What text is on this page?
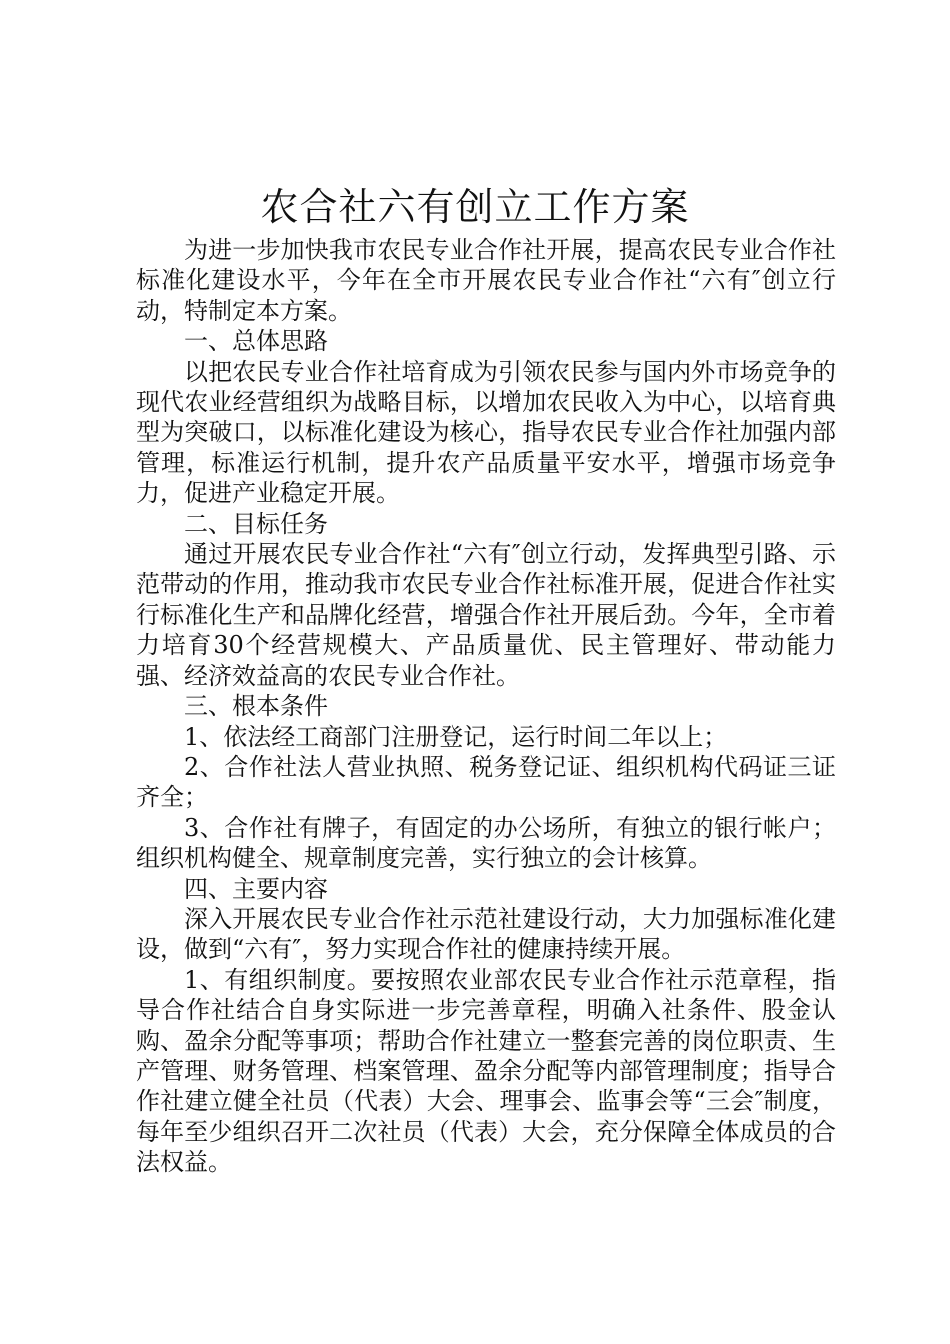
农合社六有创立工作方案

为进一步加快我市农民专业合作社开展，提高农民专业合作社标准化建设水平，今年在全市开展农民专业合作社“六有″创立行动，特制定本方案。

一、总体思路

以把农民专业合作社培育成为引领农民参与国内外市场竞争的现代农业经营组织为战略目标，以增加农民收入为中心，以培育典型为突破口，以标准化建设为核心，指导农民专业合作社加强内部管理，标准运行机制，提升农产品质量平安水平，增强市场竞争力，促进产业稳定开展。

二、目标任务

通过开展农民专业合作社“六有″创立行动，发挥典型引路、示范带动的作用，推动我市农民专业合作社标准开展，促进合作社实行标准化生产和品牌化经营，增强合作社开展后劲。今年，全市着力培育30个经营规模大、产品质量优、民主管理好、带动能力强、经济效益高的农民专业合作社。

三、根本条件

1、依法经工商部门注册登记，运行时间二年以上；

2、合作社法人营业执照、税务登记证、组织机构代码证三证齐全；

3、合作社有牌子，有固定的办公场所，有独立的银行帐户；组织机构健全、规章制度完善，实行独立的会计核算。

四、主要内容

深入开展农民专业合作社示范社建设行动，大力加强标准化建设，做到“六有″，努力实现合作社的健康持续开展。

1、有组织制度。要按照农业部农民专业合作社示范章程，指导合作社结合自身实际进一步完善章程，明确入社条件、股金认购、盈余分配等事项；帮助合作社建立一整套完善的岗位职责、生产管理、财务管理、档案管理、盈余分配等内部管理制度；指导合作社建立健全社员（代表）大会、理事会、监事会等“三会″制度，每年至少组织召开二次社员（代表）大会，充分保障全体成员的合法权益。
